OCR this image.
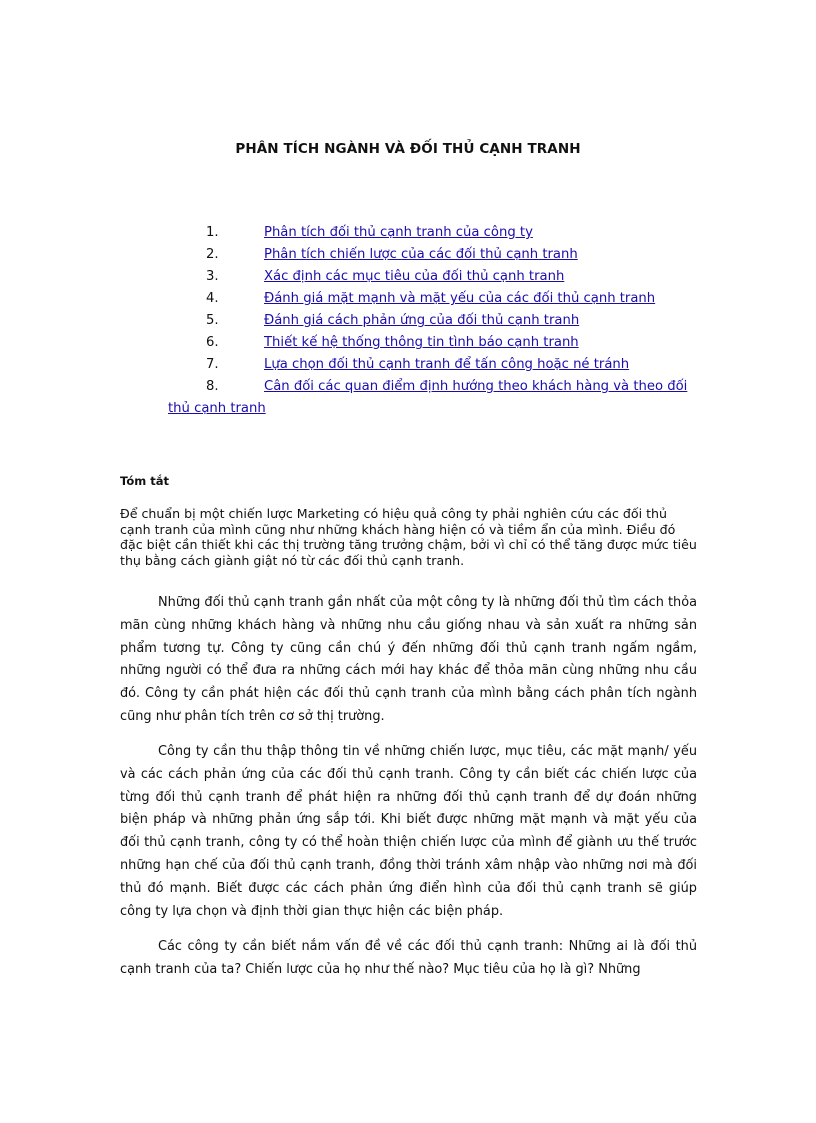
PHÂN TÍCH NGÀNH VÀ ĐỐI THỦ CẠNH TRANH
1.	Phân tích đối thủ cạnh tranh của công ty
2.	Phân tích chiến lược của các đối thủ cạnh tranh
3.	Xác định các mục tiêu của đối thủ cạnh tranh
4.	Đánh giá mặt mạnh và mặt yếu của các đối thủ cạnh tranh
5.	Đánh giá cách phản ứng của đối thủ cạnh tranh
6.	Thiết kế hệ thống thông tin tình báo cạnh tranh
7.	Lựa chọn đối thủ cạnh tranh để tấn công hoặc né tránh
8.	Cân đối các quan điểm định hướng theo khách hàng và theo đối thủ cạnh tranh
Tóm tắt
Để chuẩn bị một chiến lược Marketing có hiệu quả công ty phải nghiên cứu các đối thủ cạnh tranh của mình cũng như những khách hàng hiện có và tiềm ẩn của mình. Điều đó đặc biệt cần thiết khi các thị trường tăng trưởng chậm, bởi vì chỉ có thể tăng được mức tiêu thụ bằng cách giành giật nó từ các đối thủ cạnh tranh.

Những đối thủ cạnh tranh gần nhất của một công ty là những đối thủ tìm cách thỏa mãn cùng những khách hàng và những nhu cầu giống nhau và sản xuất ra những sản phẩm tương tự. Công ty cũng cần chú ý đến những đối thủ cạnh tranh ngấm ngầm, những người có thể đưa ra những cách mới hay khác để thỏa mãn cùng những nhu cầu đó. Công ty cần phát hiện các đối thủ cạnh tranh của mình bằng cách phân tích ngành cũng như phân tích trên cơ sở thị trường.

Công ty cần thu thập thông tin về những chiến lược, mục tiêu, các mặt mạnh/ yếu và các cách phản ứng của các đối thủ cạnh tranh. Công ty cần biết các chiến lược của từng đối thủ cạnh tranh để phát hiện ra những đối thủ cạnh tranh để dự đoán những biện pháp và những phản ứng sắp tới. Khi biết được những mặt mạnh và mặt yếu của đối thủ cạnh tranh, công ty có thể hoàn thiện chiến lược của mình để giành ưu thế trước những hạn chế của đối thủ cạnh tranh, đồng thời tránh xâm nhập vào những nơi mà đối thủ đó mạnh. Biết được các cách phản ứng điển hình của đối thủ cạnh tranh sẽ giúp công ty lựa chọn và định thời gian thực hiện các biện pháp.

Các công ty cần biết nắm vấn đề về các đối thủ cạnh tranh: Những ai là đối thủ cạnh tranh của ta? Chiến lược của họ như thế nào? Mục tiêu của họ là gì? Những
